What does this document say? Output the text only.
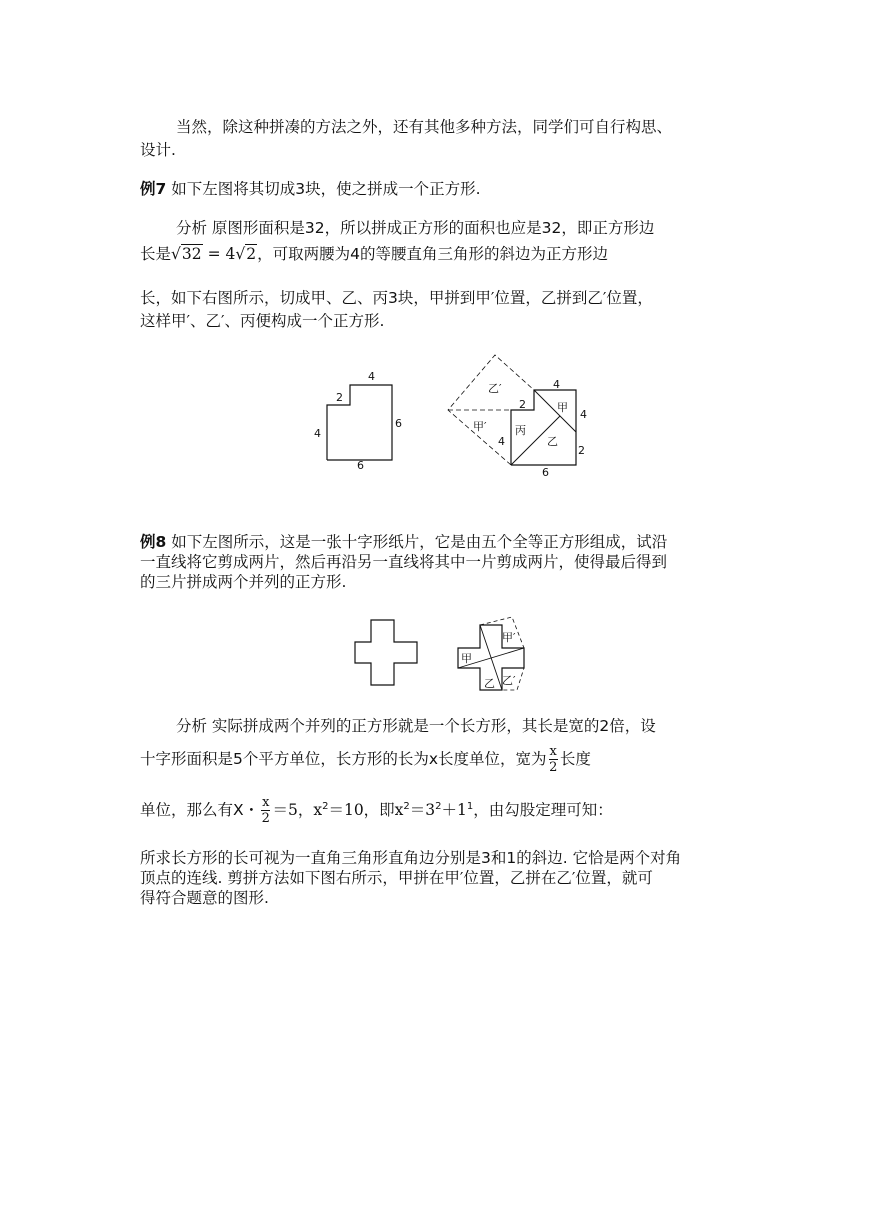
当然，除这种拼凑的方法之外，还有其他多种方法，同学们可自行构思、
设计.
例7 如下左图将其切成3块，使之拼成一个正方形.
分析 原图形面积是32，所以拼成正方形的面积也应是32，即正方形边
长是√32 = 4√2，可取两腰为4的等腰直角三角形的斜边为正方形边
长，如下右图所示，切成甲、乙、丙3块，甲拼到甲′位置，乙拼到乙′位置，
这样甲′、乙′、丙便构成一个正方形.
4
2
4
6
6
乙′
甲′
甲
乙
丙
4
2
4
4
2
6
例8 如下左图所示，这是一张十字形纸片，它是由五个全等正方形组成，试沿
一直线将它剪成两片，然后再沿另一直线将其中一片剪成两片，使得最后得到
的三片拼成两个并列的正方形.
甲′
甲
乙 乙′
分析 实际拼成两个并列的正方形就是一个长方形，其长是宽的2倍，设
十字形面积是5个平方单位，长方形的长为x长度单位，宽为 $\frac{x}{2}$ 长度
单位，那么有X・ $\frac{x}{2} =5$，$x^2=10$，即$x^2=3^2+1^1$，由勾股定理可知：
所求长方形的长可视为一直角三角形直角边分别是3和1的斜边. 它恰是两个对角
顶点的连线. 剪拼方法如下图右所示，甲拼在甲′位置，乙拼在乙′位置，就可
得符合题意的图形.
